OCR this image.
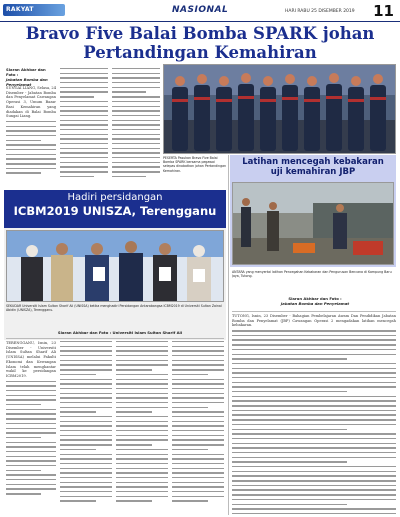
RAKYAT	NASIONAL	HARI RABU 25 DISEMBER 2019 11
Bravo Five Balai Bomba SPARK johan
Pertandingan Kemahiran
Siaran Akhbar dan Foto :
Jabatan Bomba dan Penyelamat
SUNGAI LIANG, Selasa, 24 Disember - Jabatan Bomba dan Penyelamat Cawangan Operasi 3, Umum Bazar Basi Kemahiran yang diadakan di Balai Bomba Sungai Liang.
PESERTA Pasukan Bravo Five Balai Bomba SPARK bersama pegawai selepas dinobatkan johan Pertandingan Kemahiran.
Latihan mencegah kebakaran
uji kemahiran JBP
ANTARA yang menyertai latihan Pencegahan Kebakaran dan Pengurusan Bencana di Kampung Baru Jaya, Tutong.
Siaran Akhbar dan Foto :
Jabatan Bomba dan Penyelamat
TUTONG, Isnin, 23 Disember - Bahagian Pembelajaran Awam Dan Pendidikan Jabatan Bomba dan Penyelamat (JBP) Cawangan Operasi 2 mengadakan latihan mencegah kebakaran.
Hadiri persidangan
ICBM2019 UNISZA, Terengganu
SEKUDAR Universiti Islam Sultan Sharif Ali (UNISSA) ketika menghadiri Persidangan Antarabangsa ICBM2019 di Universiti Sultan Zainal Abidin (UNISZA), Terengganu.
Siaran Akhbar dan Foto : Universiti Islam Sultan Sharif Ali
TERENGGANU, Isnin, 23 Disember - Universiti Islam Sultan Sharif Ali (UNISSA) melalui Fakulti Ekonomi dan Kewangan Islam telah menghantar wakil ke persidangan ICBM2019.
